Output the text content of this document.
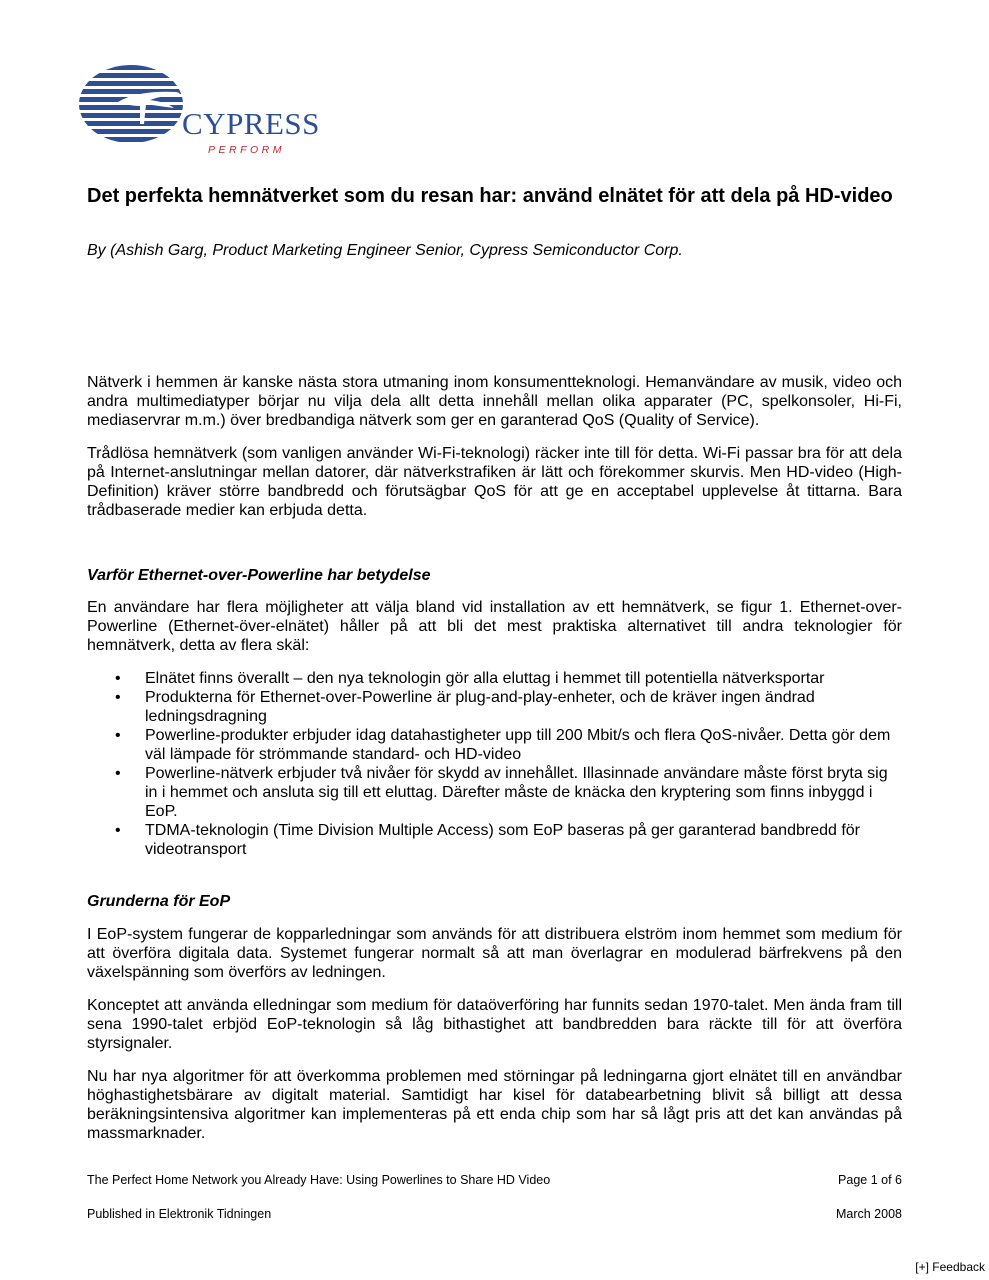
CYPRESS
PERFORM
Det perfekta hemnätverket som du resan har: använd elnätet för att dela på HD-video

By (Ashish Garg, Product Marketing Engineer Senior, Cypress Semiconductor Corp.

Nätverk i hemmen är kanske nästa stora utmaning inom konsumentteknologi. Hemanvändare av musik, video och andra multimediatyper börjar nu vilja dela allt detta innehåll mellan olika apparater (PC, spelkonsoler, Hi-Fi, mediaservrar m.m.) över bredbandiga nätverk som ger en garanterad QoS (Quality of Service).

Trådlösa hemnätverk (som vanligen använder Wi-Fi-teknologi) räcker inte till för detta. Wi-Fi passar bra för att dela på Internet-anslutningar mellan datorer, där nätverkstrafiken är lätt och förekommer skurvis. Men HD-video (High-Definition) kräver större bandbredd och förutsägbar QoS för att ge en acceptabel upplevelse åt tittarna. Bara trådbaserade medier kan erbjuda detta.

Varför Ethernet-over-Powerline har betydelse

En användare har flera möjligheter att välja bland vid installation av ett hemnätverk, se figur 1. Ethernet-over-Powerline (Ethernet-över-elnätet) håller på att bli det mest praktiska alternativet till andra teknologier för hemnätverk, detta av flera skäl:

• Elnätet finns överallt – den nya teknologin gör alla eluttag i hemmet till potentiella nätverksportar
• Produkterna för Ethernet-over-Powerline är plug-and-play-enheter, och de kräver ingen ändrad ledningsdragning
• Powerline-produkter erbjuder idag datahastigheter upp till 200 Mbit/s och flera QoS-nivåer. Detta gör dem väl lämpade för strömmande standard- och HD-video
• Powerline-nätverk erbjuder två nivåer för skydd av innehållet. Illasinnade användare måste först bryta sig in i hemmet och ansluta sig till ett eluttag. Därefter måste de knäcka den kryptering som finns inbyggd i EoP.
• TDMA-teknologin (Time Division Multiple Access) som EoP baseras på ger garanterad bandbredd för videotransport
Grunderna för EoP

I EoP-system fungerar de kopparledningar som används för att distribuera elström inom hemmet som medium för att överföra digitala data. Systemet fungerar normalt så att man överlagrar en modulerad bärfrekvens på den växelspänning som överförs av ledningen.

Konceptet att använda elledningar som medium för dataöverföring har funnits sedan 1970-talet. Men ända fram till sena 1990-talet erbjöd EoP-teknologin så låg bithastighet att bandbredden bara räckte till för att överföra styrsignaler.

Nu har nya algoritmer för att överkomma problemen med störningar på ledningarna gjort elnätet till en användbar höghastighetsbärare av digitalt material. Samtidigt har kisel för databearbetning blivit så billigt att dessa beräkningsintensiva algoritmer kan implementeras på ett enda chip som har så lågt pris att det kan användas på massmarknader.

The Perfect Home Network you Already Have: Using Powerlines to Share HD Video	Page 1 of 6
Published in Elektronik Tidningen	March 2008
[+] Feedback
